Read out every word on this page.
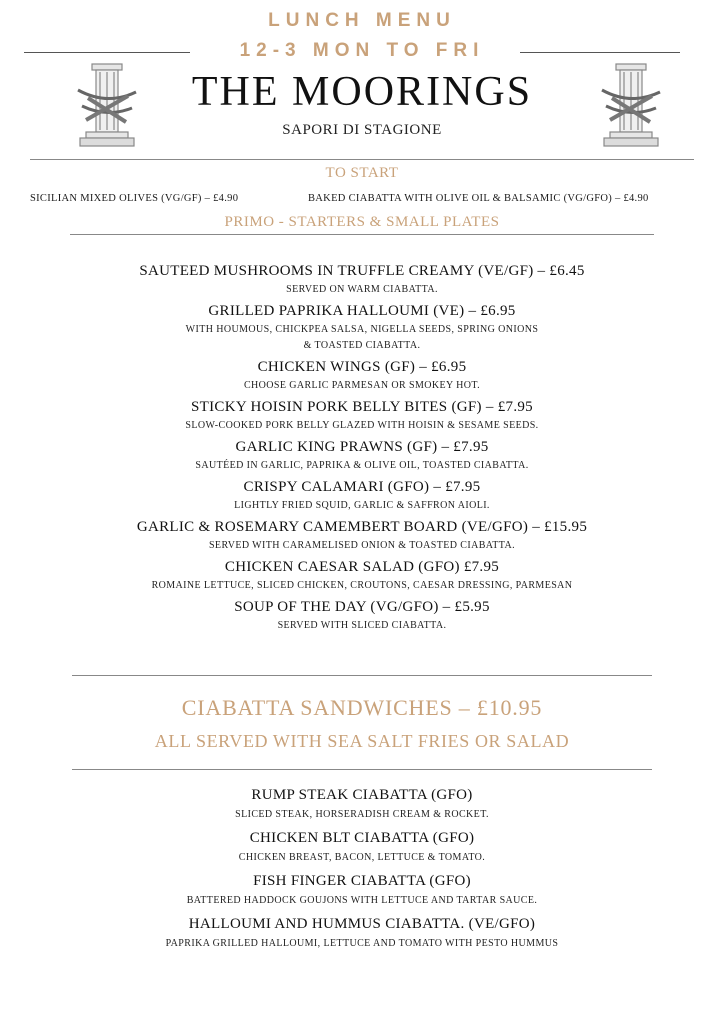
LUNCH MENU
12-3 MON TO FRI
THE MOORINGS
SAPORI DI STAGIONE
TO START
SICILIAN MIXED OLIVES (VG/GF) – £4.90	BAKED CIABATTA WITH OLIVE OIL & BALSAMIC (VG/GFO) – £4.90
PRIMO - STARTERS & SMALL PLATES
SAUTEED MUSHROOMS IN TRUFFLE CREAMY (VE/GF) – £6.45
SERVED ON WARM CIABATTA.
GRILLED PAPRIKA HALLOUMI (VE) – £6.95
WITH HOUMOUS, CHICKPEA SALSA, NIGELLA SEEDS, SPRING ONIONS
& TOASTED CIABATTA.
CHICKEN WINGS (GF) – £6.95
CHOOSE GARLIC PARMESAN OR SMOKEY HOT.
STICKY HOISIN PORK BELLY BITES (GF) – £7.95
SLOW-COOKED PORK BELLY GLAZED WITH HOISIN & SESAME SEEDS.
GARLIC KING PRAWNS (GF) – £7.95
SAUTÉED IN GARLIC, PAPRIKA & OLIVE OIL, TOASTED CIABATTA.
CRISPY CALAMARI (GFO) – £7.95
LIGHTLY FRIED SQUID, GARLIC & SAFFRON AIOLI.
GARLIC & ROSEMARY CAMEMBERT BOARD (VE/GFO) – £15.95
SERVED WITH CARAMELISED ONION & TOASTED CIABATTA.
CHICKEN CAESAR SALAD (GFO) £7.95
ROMAINE LETTUCE, SLICED CHICKEN, CROUTONS, CAESAR DRESSING, PARMESAN
SOUP OF THE DAY (VG/GFO) – £5.95
SERVED WITH SLICED CIABATTA.
CIABATTA SANDWICHES – £10.95
ALL SERVED WITH SEA SALT FRIES OR SALAD
RUMP STEAK CIABATTA (GFO)
SLICED STEAK, HORSERADISH CREAM & ROCKET.
CHICKEN BLT CIABATTA (GFO)
CHICKEN BREAST, BACON, LETTUCE & TOMATO.
FISH FINGER CIABATTA (GFO)
BATTERED HADDOCK GOUJONS WITH LETTUCE AND TARTAR SAUCE.
HALLOUMI AND HUMMUS CIABATTA. (VE/GFO)
PAPRIKA GRILLED HALLOUMI, LETTUCE AND TOMATO WITH PESTO HUMMUS
